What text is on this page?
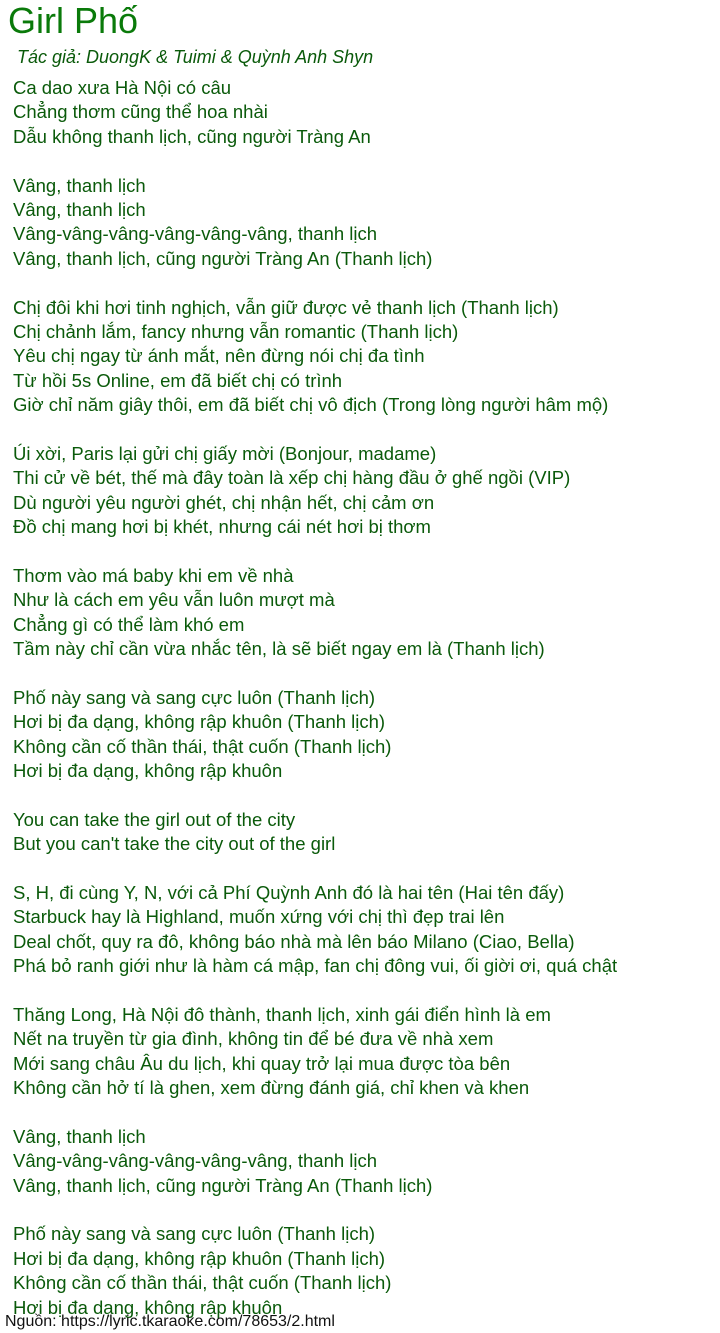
Girl Phố
Tác giả: DuongK & Tuimi & Quỳnh Anh Shyn
Ca dao xưa Hà Nội có câu
Chẳng thơm cũng thể hoa nhài
Dẫu không thanh lịch, cũng người Tràng An
Vâng, thanh lịch
Vâng, thanh lịch
Vâng-vâng-vâng-vâng-vâng-vâng, thanh lịch
Vâng, thanh lịch, cũng người Tràng An (Thanh lịch)
Chị đôi khi hơi tinh nghịch, vẫn giữ được vẻ thanh lịch (Thanh lịch)
Chị chảnh lắm, fancy nhưng vẫn romantic (Thanh lịch)
Yêu chị ngay từ ánh mắt, nên đừng nói chị đa tình
Từ hồi 5s Online, em đã biết chị có trình
Giờ chỉ năm giây thôi, em đã biết chị vô địch (Trong lòng người hâm mộ)
Úi xời, Paris lại gửi chị giấy mời (Bonjour, madame)
Thi cử về bét, thế mà đây toàn là xếp chị hàng đầu ở ghế ngồi (VIP)
Dù người yêu người ghét, chị nhận hết, chị cảm ơn
Đồ chị mang hơi bị khét, nhưng cái nét hơi bị thơm
Thơm vào má baby khi em về nhà
Như là cách em yêu vẫn luôn mượt mà
Chẳng gì có thể làm khó em
Tầm này chỉ cần vừa nhắc tên, là sẽ biết ngay em là (Thanh lịch)
Phố này sang và sang cực luôn (Thanh lịch)
Hơi bị đa dạng, không rập khuôn (Thanh lịch)
Không cần cố thần thái, thật cuốn (Thanh lịch)
Hơi bị đa dạng, không rập khuôn
You can take the girl out of the city
But you can't take the city out of the girl
S, H, đi cùng Y, N, với cả Phí Quỳnh Anh đó là hai tên (Hai tên đấy)
Starbuck hay là Highland, muốn xứng với chị thì đẹp trai lên
Deal chốt, quy ra đô, không báo nhà mà lên báo Milano (Ciao, Bella)
Phá bỏ ranh giới như là hàm cá mập, fan chị đông vui, ối giời ơi, quá chật
Thăng Long, Hà Nội đô thành, thanh lịch, xinh gái điển hình là em
Nết na truyền từ gia đình, không tin để bé đưa về nhà xem
Mới sang châu Âu du lịch, khi quay trở lại mua được tòa bên
Không cần hở tí là ghen, xem đừng đánh giá, chỉ khen và khen
Vâng, thanh lịch
Vâng-vâng-vâng-vâng-vâng-vâng, thanh lịch
Vâng, thanh lịch, cũng người Tràng An (Thanh lịch)
Phố này sang và sang cực luôn (Thanh lịch)
Hơi bị đa dạng, không rập khuôn (Thanh lịch)
Không cần cố thần thái, thật cuốn (Thanh lịch)
Hơi bị đa dạng, không rập khuôn
Nguồn: https://lyric.tkaraoke.com/78653/2.html
